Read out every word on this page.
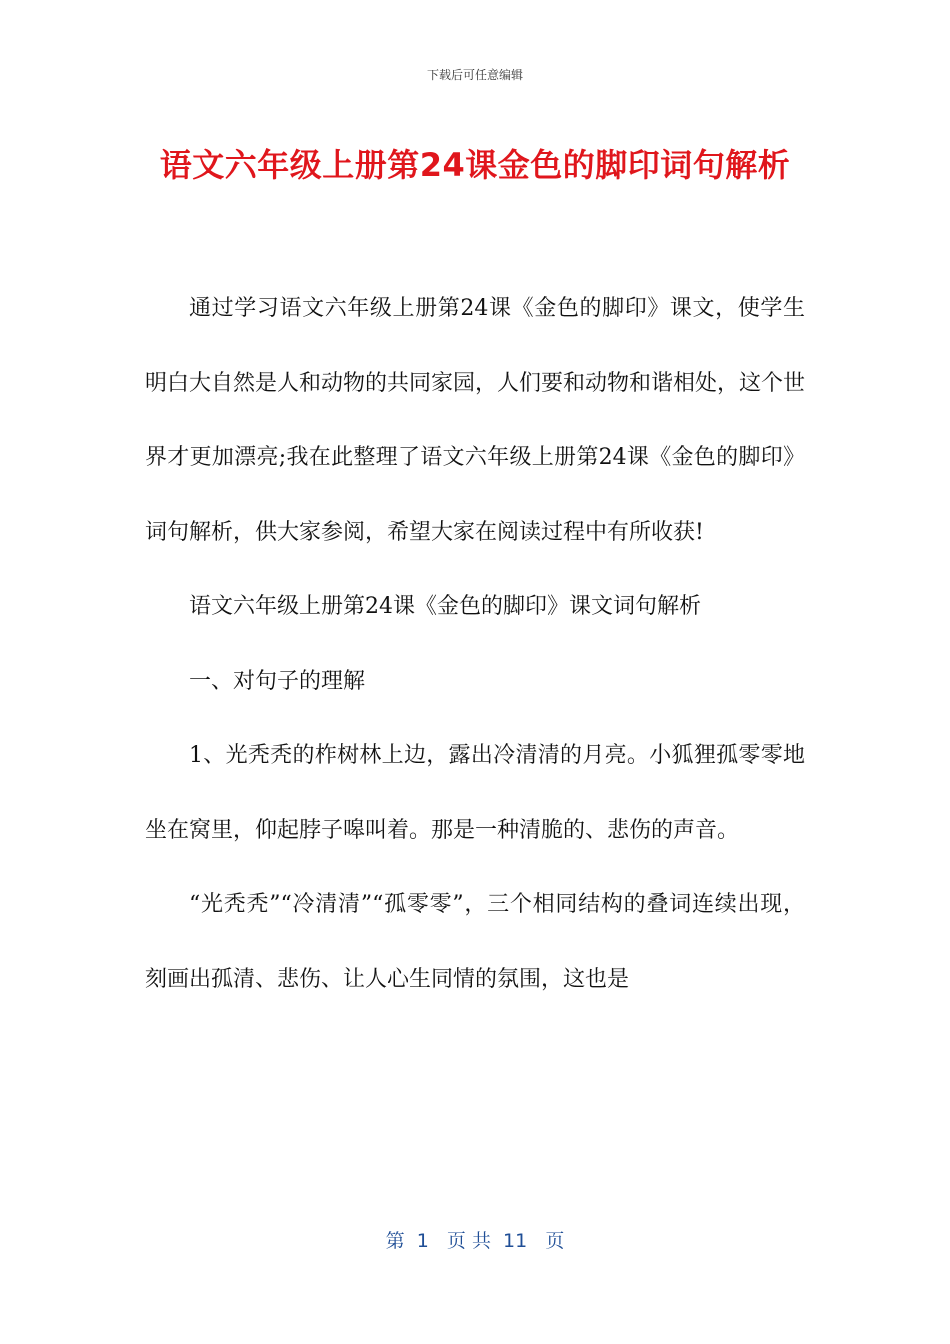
下载后可任意编辑

语文六年级上册第24课金色的脚印词句解析

通过学习语文六年级上册第24课《金色的脚印》课文，使学生明白大自然是人和动物的共同家园，人们要和动物和谐相处，这个世界才更加漂亮;我在此整理了语文六年级上册第24课《金色的脚印》词句解析，供大家参阅，希望大家在阅读过程中有所收获!

语文六年级上册第24课《金色的脚印》课文词句解析

一、对句子的理解

1、光秃秃的柞树林上边，露出冷清清的月亮。小狐狸孤零零地坐在窝里，仰起脖子嗥叫着。那是一种清脆的、悲伤的声音。

“光秃秃”“冷清清”“孤零零”，三个相同结构的叠词连续出现，刻画出孤清、悲伤、让人心生同情的氛围，这也是

第  1   页 共  11   页
